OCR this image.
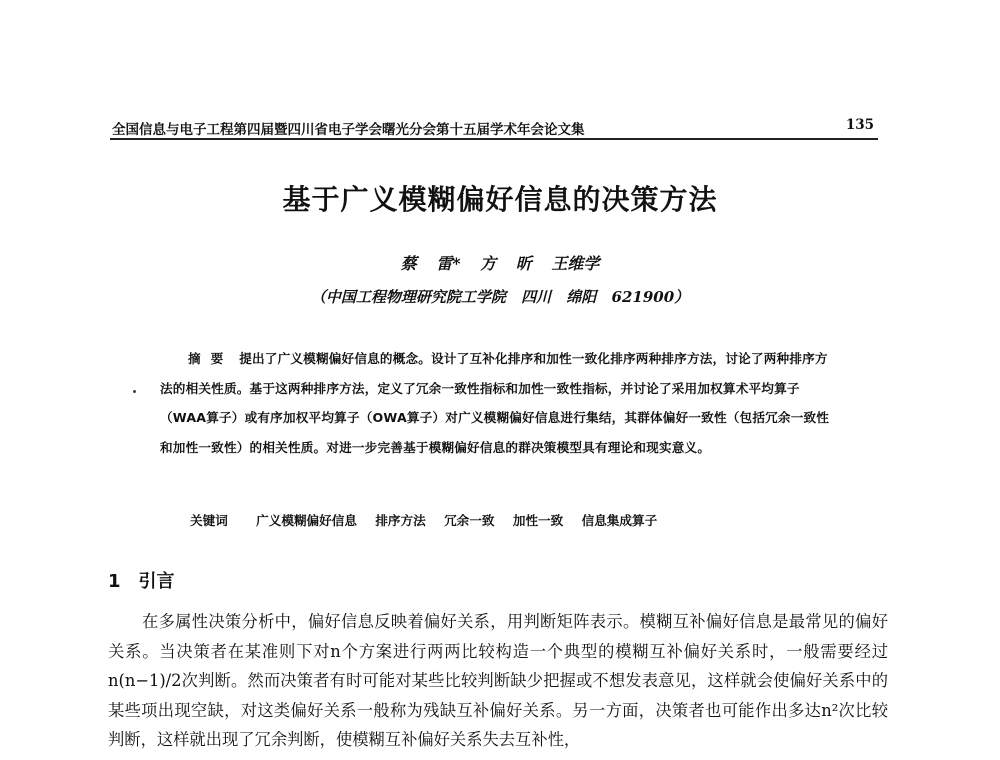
全国信息与电子工程第四届暨四川省电子学会曙光分会第十五届学术年会论文集	135
基于广义模糊偏好信息的决策方法
蔡 雷* 方 昕 王维学
（中国工程物理研究院工学院 四川 绵阳 621900）
摘要 提出了广义模糊偏好信息的概念。设计了互补化排序和加性一致化排序两种排序方法，讨论了两种排序方法的相关性质。基于这两种排序方法，定义了冗余一致性指标和加性一致性指标，并讨论了采用加权算术平均算子（WAA算子）或有序加权平均算子（OWA算子）对广义模糊偏好信息进行集结，其群体偏好一致性（包括冗余一致性和加性一致性）的相关性质。对进一步完善基于模糊偏好信息的群决策模型具有理论和现实意义。
关键词 广义模糊偏好信息 排序方法 冗余一致 加性一致 信息集成算子
1 引言
在多属性决策分析中，偏好信息反映着偏好关系，用判断矩阵表示。模糊互补偏好信息是最常见的偏好关系。当决策者在某准则下对n个方案进行两两比较构造一个典型的模糊互补偏好关系时，一般需要经过n(n−1)/2次判断。然而决策者有时可能对某些比较判断缺少把握或不想发表意见，这样就会使偏好关系中的某些项出现空缺，对这类偏好关系一般称为残缺互补偏好关系。另一方面，决策者也可能作出多达n²次比较判断，这样就出现了冗余判断，使模糊互补偏好关系失去互补性，
